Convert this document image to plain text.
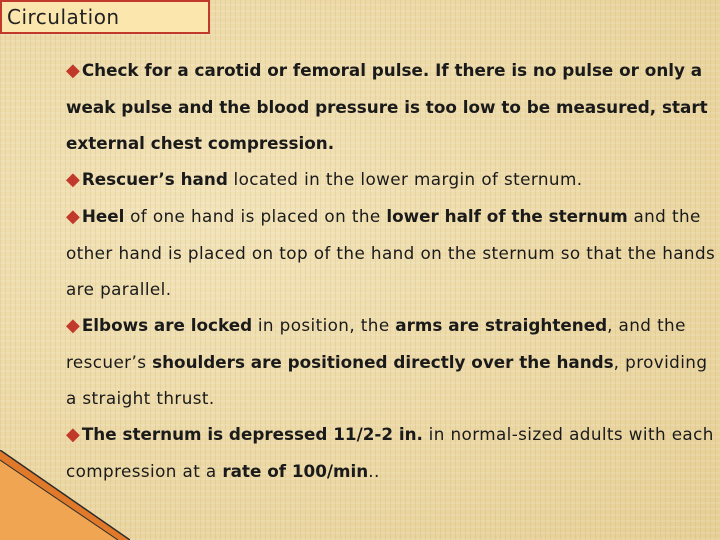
Circulation

◆ Check for a carotid or femoral pulse. If there is no pulse or only a weak pulse and the blood pressure is too low to be measured, start external chest compression.

◆ Rescuer’s hand located in the lower margin of sternum.

◆ Heel of one hand is placed on the lower half of the sternum and the other hand is placed on top of the hand on the sternum so that the hands are parallel.

◆ Elbows are locked in position, the arms are straightened, and the rescuer’s shoulders are positioned directly over the hands, providing a straight thrust.

◆ The sternum is depressed 11/2-2 in. in normal-sized adults with each compression at a rate of 100/min..
